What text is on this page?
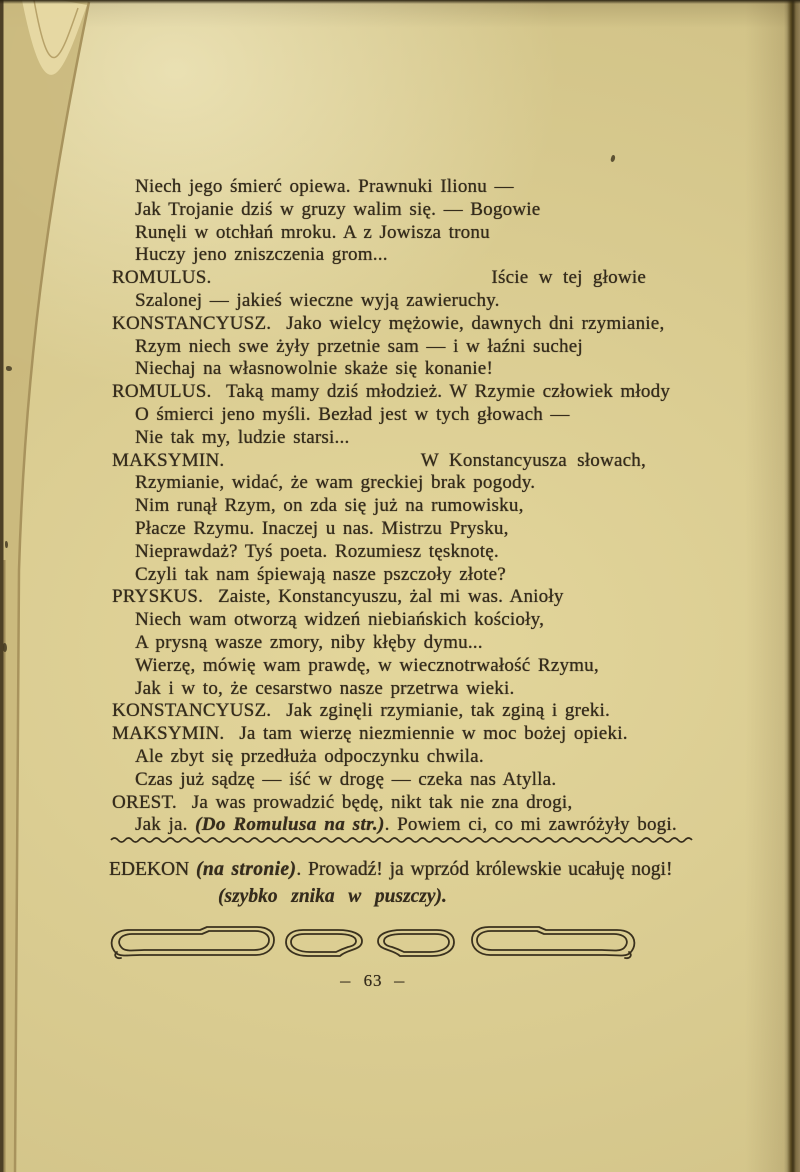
Niech jego śmierć opiewa. Prawnuki Ilionu —
Jak Trojanie dziś w gruzy walim się. — Bogowie
Runęli w otchłań mroku. A z Jowisza tronu
Huczy jeno zniszczenia grom...
ROMULUS.	Iście w tej głowie
Szalonej — jakieś wieczne wyją zawieruchy.
KONSTANCYUSZ.  Jako wielcy mężowie, dawnych dni rzymianie,
Rzym niech swe żyły przetnie sam — i w łaźni suchej
Niechaj na własnowolnie skaże się konanie!
ROMULUS.  Taką mamy dziś młodzież. W Rzymie człowiek młody
O śmierci jeno myśli. Bezład jest w tych głowach —
Nie tak my, ludzie starsi...
MAKSYMIN.	W Konstancyusza słowach,
Rzymianie, widać, że wam greckiej brak pogody.
Nim runął Rzym, on zda się już na rumowisku,
Płacze Rzymu. Inaczej u nas. Mistrzu Prysku,
Nieprawdaż? Tyś poeta. Rozumiesz tęsknotę.
Czyli tak nam śpiewają nasze pszczoły złote?
PRYSKUS.  Zaiste, Konstancyuszu, żal mi was. Anioły
Niech wam otworzą widzeń niebiańskich kościoły,
A prysną wasze zmory, niby kłęby dymu...
Wierzę, mówię wam prawdę, w wiecznotrwałość Rzymu,
Jak i w to, że cesarstwo nasze przetrwa wieki.
KONSTANCYUSZ.  Jak zginęli rzymianie, tak zginą i greki.
MAKSYMIN.  Ja tam wierzę niezmiennie w moc bożej opieki.
Ale zbyt się przedłuża odpoczynku chwila.
Czas już sądzę — iść w drogę — czeka nas Atylla.
OREST.  Ja was prowadzić będę, nikt tak nie zna drogi,
Jak ja. (Do Romulusa na str.). Powiem ci, co mi zawróżyły bogi.
EDEKON (na stronie). Prowadź! ja wprzód królewskie ucałuję nogi!
(szybko znika w puszczy).
– 63 –
